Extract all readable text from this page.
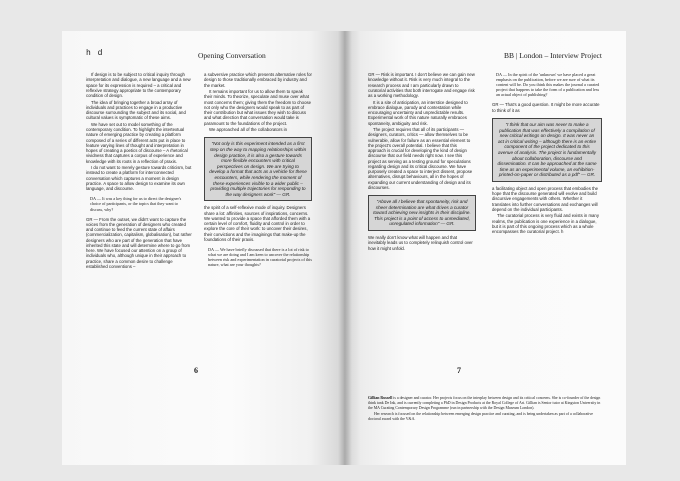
h d	Opening Conversation

If design is to be subject to critical inquiry through interpretation and dialogue, a new language and a new space for its expression is required – a critical and reflexive strategy appropriate to the contemporary condition of design.

The idea of bringing together a broad array of individuals and practices to engage in a productive discourse surrounding the subject and its social, and cultural values is symptomatic of these aims.

We have set out to model something of the contemporary condition. To highlight the intertextual nature of emerging practice by creating a platform composed of a series of different acts put in place to feature varying lines of thought and interpretation in hopes of creating a poetics of discourse – A rhetorical vividness that captures a corpus of experience and knowledge with its roots in a reflection of praxis.

I do not want to merely gesture towards criticism, but instead to create a platform for interconnected conversation which captures a moment in design practice. A space to allow design to examine its own language, and discourse.

DA — It was a key thing for us to direct the designer's choice of participants, or the topics that they want to discuss, why?

GR — From the outset, we didn't want to capture the voices from the generation of designers who created and continue to feed the current state of affairs (commercialization, capitalism, globalisation), but rather designers who are part of the generation that have inherited this state and will determine where to go from here. We have focused our attention on a group of individuals who, although unique in their approach to practice, share a common desire to challenge established conventions –

a subversive practice which presents alternative roles for design to those traditionally embraced by industry and the market.

It remains important for us to allow them to speak their minds. To theorize, speculate and muse over what most concerns them; giving them the freedom to choose not only who the designers would speak to as part of their contribution but what issues they wish to discuss and what direction that conversation would take is paramount to the foundations of the project.

We approached all of the collaborators in

"Not only is this experiment intended as a first step on the way to mapping relationships within design practice, it is also a gesture towards more flexible encounters with critical perspectives on design. We are trying to develop a format that acts as a vehicle for these encounters, while rendering the moment of these experiences visible to a wider public – providing multiple trajectories for responding to the way designers work" — GR.

the spirit of a self-reflexive mode of inquiry. Designers share a lot: affinities, sources of inspirations, concerns. We wanted to provide a space that afforded them with a certain level of comfort, fluidity and control in order to explore the core of their work: to uncover their desires, their convictions and the imaginings that make-up the foundations of their praxis.

DA — We have briefly discussed that there is a lot of risk to what we are doing and I am keen to uncover the relationship between risk and experimentation in curatorial projects of this nature, what are your thoughts?

6
BB | London – Interview Project

GR — Risk is important. I don't believe we can gain new knowledge without it. Risk is very much integral to the research process and I am particularly drawn to curatorial activities that both interrogate and engage risk as a working methodology.

It is a site of anticipation, an interstice designed to embrace dialogue, parody and contestation while encouraging uncertainty and unpredictable results. Experimental work of this nature naturally embraces spontaneity, ambiguity and risk.

The project requires that all of its participants — designers, curators, critics — allow themselves to be vulnerable, allow for failure as an essential element to the project's overall potential. I believe that this approach is crucial for developing the kind of design discourse that our field needs right now. I see this project as serving as a testing ground for speculations regarding design and its critical discourse. We have purposely created a space to interject dissent, propose alternatives, disrupt behaviours, all in the hopes of expanding our current understanding of design and its discourses.

"Above all I believe that spontaneity, risk and sheer determination are what drives a curator toward achieving new insights in their discipline. This project is a point of access to unmediated, unregulated information" — GR.

We really don't know what will happen and that inevitably leads us to completely relinquish control over how it might unfold.

DA — In the spirit of the 'unknown' we have placed a great emphasis on the publication, before we are sure of what its content will be. Do you think this makes the journal a curated project that happens to take the form of a publication and less an actual object of publishing?

GR — That's a good question. It might be more accurate to think of it as

"I think that our aim was never to make a publication that was effectively a compilation of new critical writings on design. It was never an act in critical writing – although there is an entire component of the project dedicated to this avenue of analysis. The project is fundamentally about collaboration, discourse and dissemination. It can be approached at the same time as an experimental volume, an exhibition-printed-on-paper or distributed as a pdf" — GR.

a facilitating object and open process that embodies the hope that the discourse generated will evolve and build discursive engagements with others. Whether it translates into further conversations and exchanges will depend on the individual participants.

The curatorial process is very fluid and exists in many realms, the publication is one experience in a dialogue, but it is part of this ongoing process which as a whole encompasses the curatorial project. h

7

Gillian Russell is a designer and curator. Her projects focus on the interplay between design and its critical concerns. She is co-founder of the design think tank De Ink, and is currently completing a PhD in Design Products at the Royal College of Art. Gillian is Senior tutor at Kingston University in the MA Curating Contemporary Design Programme (run in partnership with the Design Museum London).

Her research is focused on the relationship between emerging design practice and curating, and is being undertaken as part of a collaborative doctoral award with the V&A.
